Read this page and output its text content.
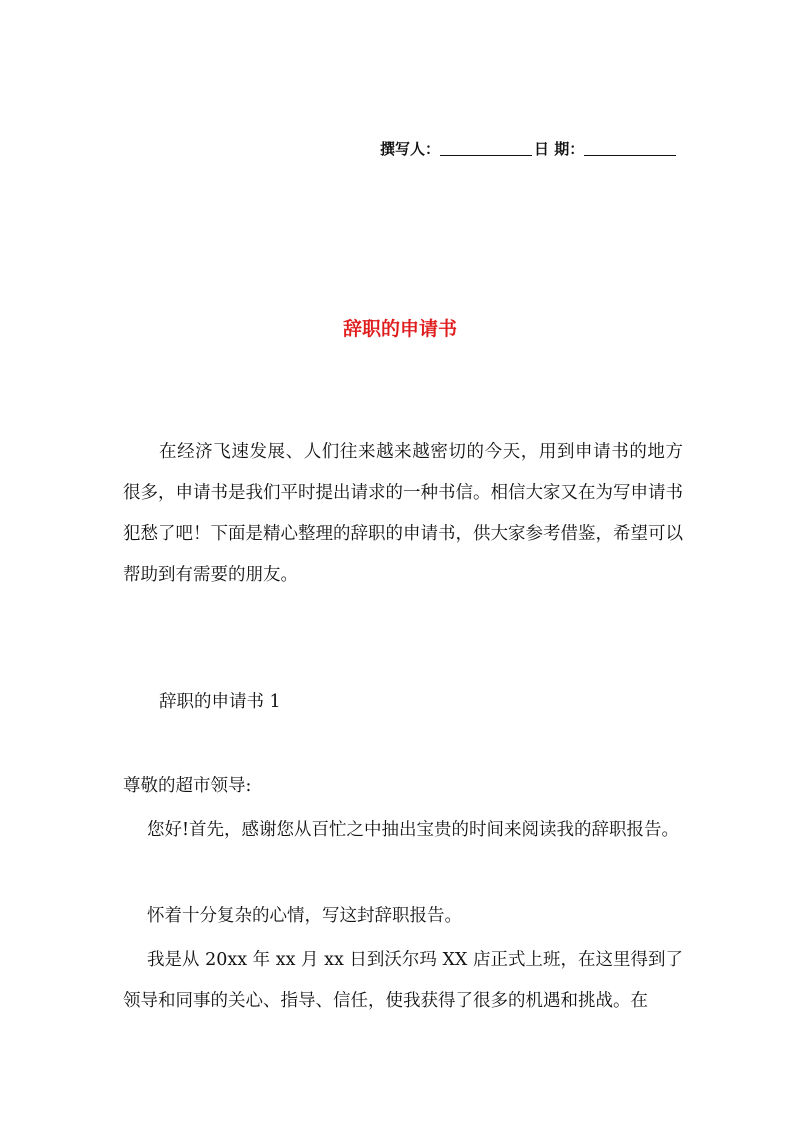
撰写人：	日 期：
辞职的申请书
在经济飞速发展、人们往来越来越密切的今天，用到申请书的地方很多，申请书是我们平时提出请求的一种书信。相信大家又在为写申请书犯愁了吧！下面是精心整理的辞职的申请书，供大家参考借鉴，希望可以帮助到有需要的朋友。
辞职的申请书 1
尊敬的超市领导:
您好!首先，感谢您从百忙之中抽出宝贵的时间来阅读我的辞职报告。
怀着十分复杂的心情，写这封辞职报告。
我是从 20xx 年 xx 月 xx 日到沃尔玛 XX 店正式上班，在这里得到了领导和同事的关心、指导、信任，使我获得了很多的机遇和挑战。在
